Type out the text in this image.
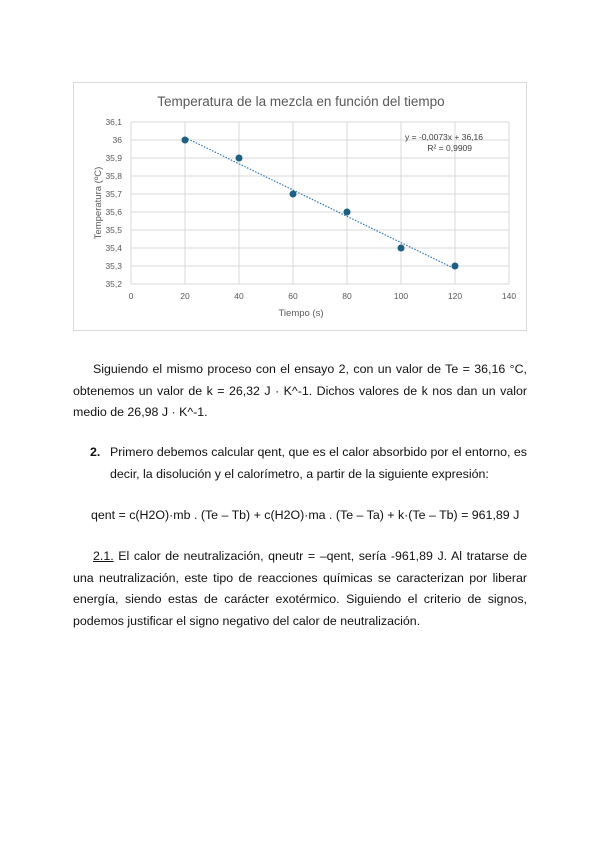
Temperatura de la mezcla en función del tiempo
35,2
35,3
35,4
35,5
35,6
35,7
35,8
35,9
36
36,1
0	20	40	60	80	100	120	140
Tiempo (s)
Temperatura (ºC)
y = -0,0073x + 36,16
R² = 0,9909

Siguiendo el mismo proceso con el ensayo 2, con un valor de Te = 36,16 °C, obtenemos un valor de k = 26,32 J · K^-1. Dichos valores de k nos dan un valor medio de 26,98 J · K^-1.

2. Primero debemos calcular qent, que es el calor absorbido por el entorno, es decir, la disolución y el calorímetro, a partir de la siguiente expresión:
qent = c(H2O)·mb . (Te – Tb) + c(H2O)·ma . (Te – Ta) + k·(Te – Tb) = 961,89 J

2.1. El calor de neutralización, qneutr = –qent, sería -961,89 J. Al tratarse de una neutralización, este tipo de reacciones químicas se caracterizan por liberar energía, siendo estas de carácter exotérmico. Siguiendo el criterio de signos, podemos justificar el signo negativo del calor de neutralización.
